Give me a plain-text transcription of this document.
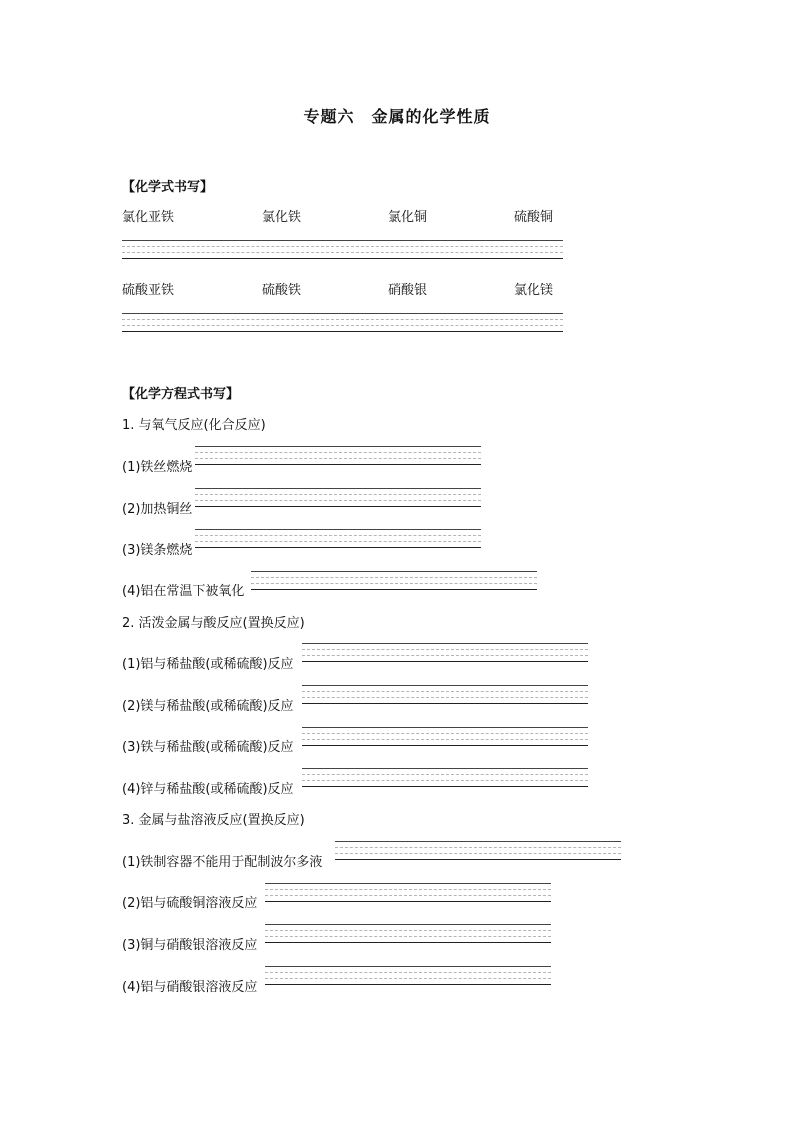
专题六　金属的化学性质
【化学式书写】
氯化亚铁	氯化铁	氯化铜	硫酸铜
硫酸亚铁	硫酸铁	硝酸银	氯化镁
【化学方程式书写】
1. 与氧气反应(化合反应)
(1)铁丝燃烧
(2)加热铜丝
(3)镁条燃烧
(4)铝在常温下被氧化
2. 活泼金属与酸反应(置换反应)
(1)铝与稀盐酸(或稀硫酸)反应
(2)镁与稀盐酸(或稀硫酸)反应
(3)铁与稀盐酸(或稀硫酸)反应
(4)锌与稀盐酸(或稀硫酸)反应
3. 金属与盐溶液反应(置换反应)
(1)铁制容器不能用于配制波尔多液
(2)铝与硫酸铜溶液反应
(3)铜与硝酸银溶液反应
(4)铝与硝酸银溶液反应
